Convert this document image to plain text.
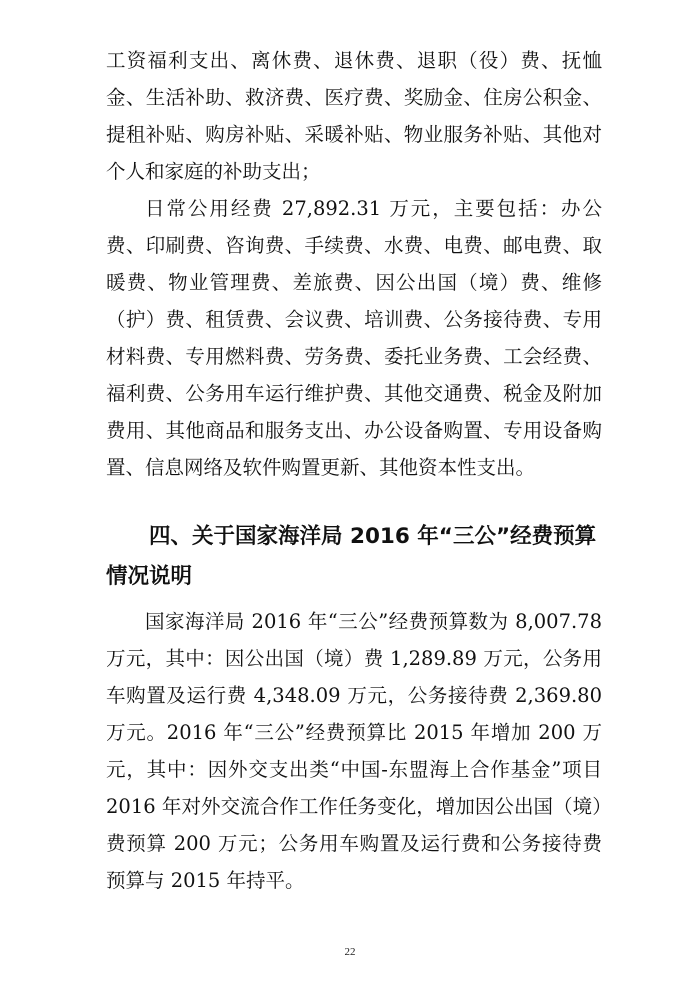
工资福利支出、离休费、退休费、退职（役）费、抚恤金、生活补助、救济费、医疗费、奖励金、住房公积金、提租补贴、购房补贴、采暖补贴、物业服务补贴、其他对个人和家庭的补助支出；

日常公用经费 27,892.31 万元，主要包括：办公费、印刷费、咨询费、手续费、水费、电费、邮电费、取暖费、物业管理费、差旅费、因公出国（境）费、维修（护）费、租赁费、会议费、培训费、公务接待费、专用材料费、专用燃料费、劳务费、委托业务费、工会经费、福利费、公务用车运行维护费、其他交通费、税金及附加费用、其他商品和服务支出、办公设备购置、专用设备购置、信息网络及软件购置更新、其他资本性支出。

四、关于国家海洋局 2016 年“三公”经费预算情况说明

国家海洋局 2016 年“三公”经费预算数为 8,007.78 万元，其中：因公出国（境）费 1,289.89 万元，公务用车购置及运行费 4,348.09 万元，公务接待费 2,369.80 万元。2016 年“三公”经费预算比 2015 年增加 200 万元，其中：因外交支出类“中国-东盟海上合作基金”项目 2016 年对外交流合作工作任务变化，增加因公出国（境）费预算 200 万元；公务用车购置及运行费和公务接待费预算与 2015 年持平。

22
